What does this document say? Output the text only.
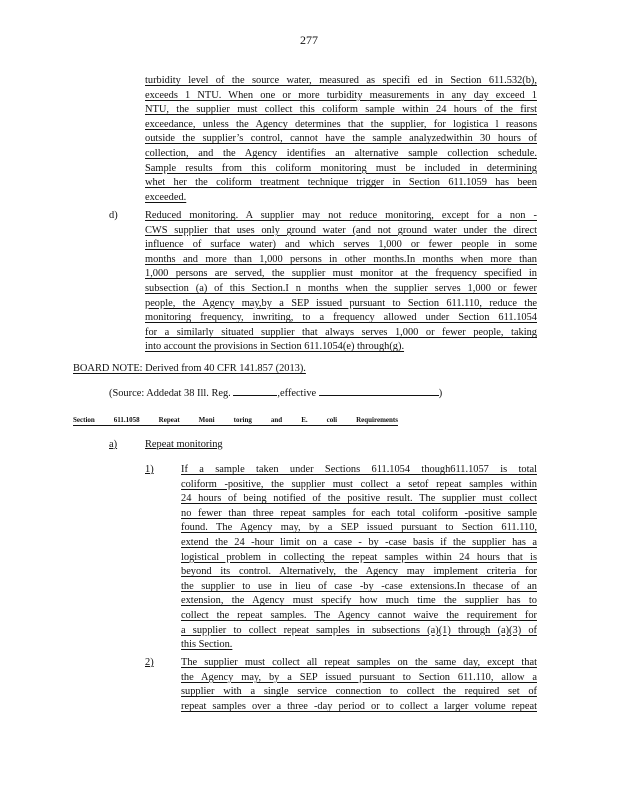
277
turbidity level of the source water, measured as specifi ed in Section 611.532(b),
exceeds 1 NTU. When one or more turbidity measurements in any day exceed 1
NTU, the supplier must collect this coliform sample within 24 hours of the first
exceedance, unless the Agency determines that the supplier, for logistica l reasons
outside the supplier’s control, cannot have the sample analyzedwithin 30 hours of
collection, and the Agency identifies an alternative sample collection schedule.
Sample results from this coliform monitoring must be included in determining
whet her the coliform treatment technique trigger in Section 611.1059 has been
exceeded.
d)	Reduced monitoring. A supplier may not reduce monitoring, except for a non -
CWS supplier that uses only ground water (and not ground water under the direct
influence of surface water) and which serves 1,000 or fewer people in some
months and more than 1,000 persons in other months.In months when more than
1,000 persons are served, the supplier must monitor at the frequency specified in
subsection (a) of this Section.I n months when the supplier serves 1,000 or fewer
people, the Agency may,by a SEP issued pursuant to Section 611.110, reduce the
monitoring frequency, inwriting, to a frequency allowed under Section 611.1054
for a similarly situated supplier that always serves 1,000 or fewer people, taking
into account the provisions in Section 611.1054(e) through(g).
BOARD NOTE: Derived from 40 CFR 141.857 (2013).
(Source: Addedat 38 Ill. Reg.	,effective	)
Section	611.1058	Repeat	Moni	toring	and	E.	coli	Requirements
a)	Repeat monitoring
1)	If a sample taken under Sections 611.1054 though611.1057 is total
coliform -positive, the supplier must collect a setof repeat samples within
24 hours of being notified of the positive result. The supplier must collect
no fewer than three repeat samples for each total coliform -positive sample
found. The Agency may, by a SEP issued pursuant to Section 611.110,
extend the 24 -hour limit on a case - by -case basis if the supplier has a
logistical problem in collecting the repeat samples within 24 hours that is
beyond its control. Alternatively, the Agency may implement criteria for
the supplier to use in lieu of case -by -case extensions.In thecase of an
extension, the Agency must specify how much time the supplier has to
collect the repeat samples. The Agency cannot waive the requirement for
a supplier to collect repeat samples in subsections (a)(1) through (a)(3) of
this Section.
2)	The supplier must collect all repeat samples on the same day, except that
the Agency may, by a SEP issued pursuant to Section 611.110, allow a
supplier with a single service connection to collect the required set of
repeat samples over a three -day period or to collect a larger volume repeat
